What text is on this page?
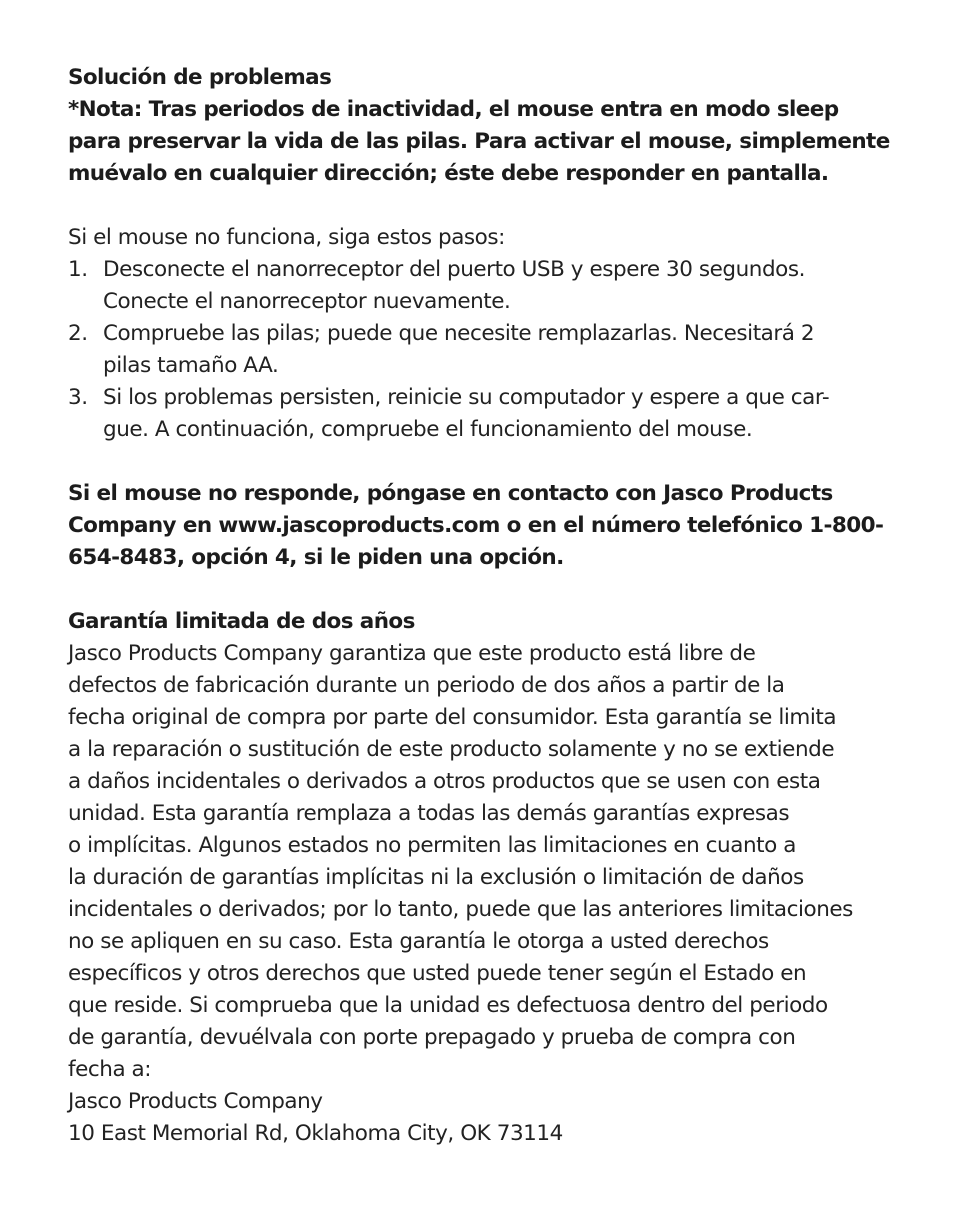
Solución de problemas
*Nota: Tras periodos de inactividad, el mouse entra en modo sleep
para preservar la vida de las pilas. Para activar el mouse, simplemente
muévalo en cualquier dirección; éste debe responder en pantalla.
Si el mouse no funciona, siga estos pasos:
1. Desconecte el nanorreceptor del puerto USB y espere 30 segundos.
Conecte el nanorreceptor nuevamente.
2. Compruebe las pilas; puede que necesite remplazarlas. Necesitará 2
pilas tamaño AA.
3. Si los problemas persisten, reinicie su computador y espere a que car-
gue. A continuación, compruebe el funcionamiento del mouse.
Si el mouse no responde, póngase en contacto con Jasco Products
Company en www.jascoproducts.com o en el número telefónico 1-800-
654-8483, opción 4, si le piden una opción.
Garantía limitada de dos años
Jasco Products Company garantiza que este producto está libre de
defectos de fabricación durante un periodo de dos años a partir de la
fecha original de compra por parte del consumidor. Esta garantía se limita
a la reparación o sustitución de este producto solamente y no se extiende
a daños incidentales o derivados a otros productos que se usen con esta
unidad. Esta garantía remplaza a todas las demás garantías expresas
o implícitas. Algunos estados no permiten las limitaciones en cuanto a
la duración de garantías implícitas ni la exclusión o limitación de daños
incidentales o derivados; por lo tanto, puede que las anteriores limitaciones
no se apliquen en su caso. Esta garantía le otorga a usted derechos
específicos y otros derechos que usted puede tener según el Estado en
que reside. Si comprueba que la unidad es defectuosa dentro del periodo
de garantía, devuélvala con porte prepagado y prueba de compra con
fecha a:
Jasco Products Company
10 East Memorial Rd, Oklahoma City, OK 73114
